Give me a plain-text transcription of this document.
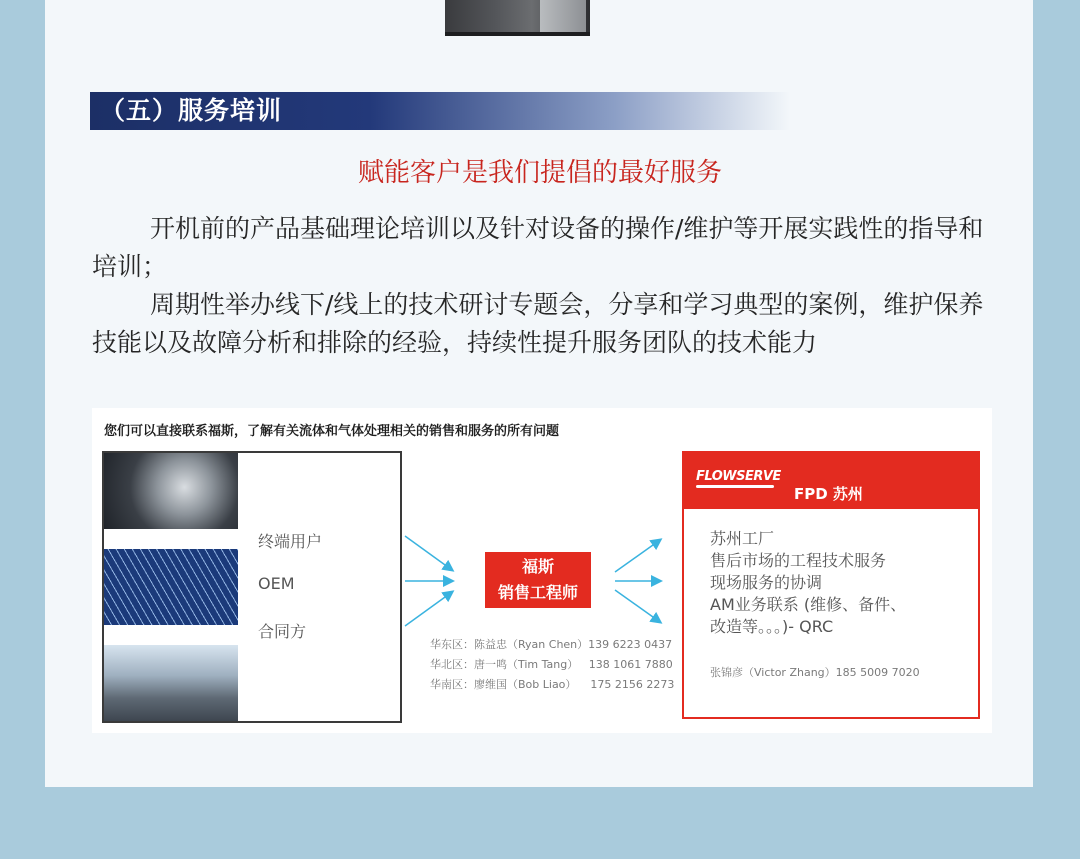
（五）服务培训
赋能客户是我们提倡的最好服务

开机前的产品基础理论培训以及针对设备的操作/维护等开展实践性的指导和培训；

周期性举办线下/线上的技术研讨专题会，分享和学习典型的案例，维护保养技能以及故障分析和排除的经验，持续性提升服务团队的技术能力

您们可以直接联系福斯，了解有关流体和气体处理相关的销售和服务的所有问题
终端用户
OEM
合同方
福斯
销售工程师
华东区：陈益忠（Ryan Chen）139 6223 0437
华北区：唐一鸣（Tim Tang）   138 1061 7880
华南区：廖维国（Bob Liao）    175 2156 2273
FLOWSERVE
FPD 苏州
苏州工厂
售后市场的工程技术服务
现场服务的协调
AM业务联系 (维修、备件、
改造等。。。)- QRC
张锦彦（Victor Zhang）185 5009 7020
